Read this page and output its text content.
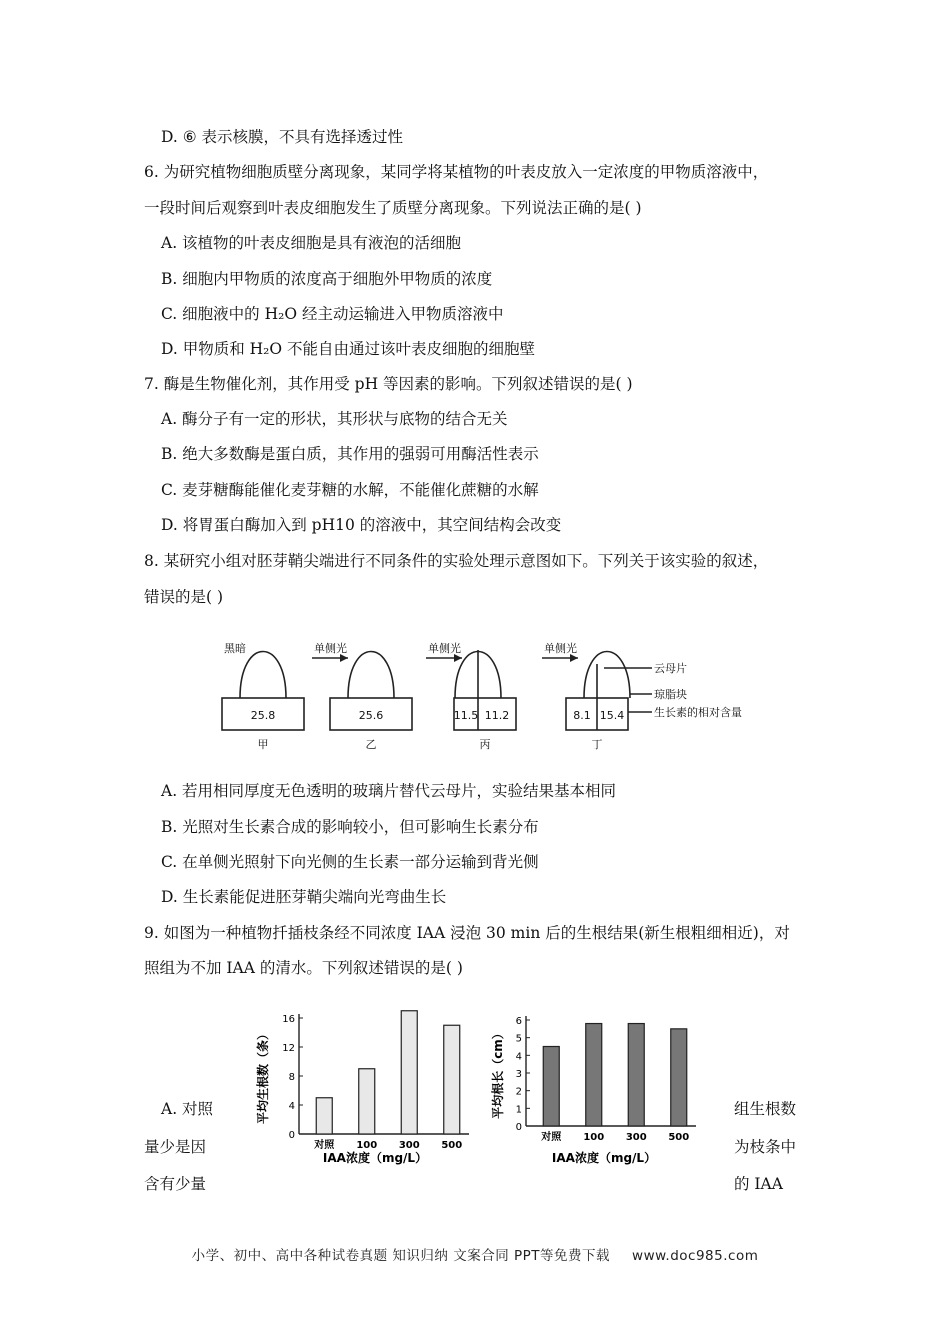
D. ⑥ 表示核膜，不具有选择透过性
6. 为研究植物细胞质壁分离现象，某同学将某植物的叶表皮放入一定浓度的甲物质溶液中，
一段时间后观察到叶表皮细胞发生了质壁分离现象。下列说法正确的是( )
A. 该植物的叶表皮细胞是具有液泡的活细胞
B. 细胞内甲物质的浓度高于细胞外甲物质的浓度
C. 细胞液中的 H₂O 经主动运输进入甲物质溶液中
D. 甲物质和 H₂O 不能自由通过该叶表皮细胞的细胞壁
7. 酶是生物催化剂，其作用受 pH 等因素的影响。下列叙述错误的是( )
A. 酶分子有一定的形状，其形状与底物的结合无关
B. 绝大多数酶是蛋白质，其作用的强弱可用酶活性表示
C. 麦芽糖酶能催化麦芽糖的水解，不能催化蔗糖的水解
D. 将胃蛋白酶加入到 pH10 的溶液中，其空间结构会改变
8. 某研究小组对胚芽鞘尖端进行不同条件的实验处理示意图如下。下列关于该实验的叙述，
错误的是( )
黑暗	单侧光	单侧光	单侧光
25.8	25.6	11.5 11.2	8.1 15.4
甲	乙	丙	丁
云母片
琼脂块
生长素的相对含量
A. 若用相同厚度无色透明的玻璃片替代云母片，实验结果基本相同
B. 光照对生长素合成的影响较小，但可影响生长素分布
C. 在单侧光照射下向光侧的生长素一部分运输到背光侧
D. 生长素能促进胚芽鞘尖端向光弯曲生长
9. 如图为一种植物扦插枝条经不同浓度 IAA 浸泡 30 min 后的生根结果(新生根粗细相近)，对
照组为不加 IAA 的清水。下列叙述错误的是( )
A. 对照
量少是因
含有少量
组生根数
为枝条中
的 IAA
平均生根数（条）
IAA浓度（mg/L）
0
4
8
12
16
对照 100 300 500
平均根长（cm）
IAA浓度（mg/L）
0
1
2
3
4
5
6
对照 100 300 500
小学、初中、高中各种试卷真题 知识归纳 文案合同 PPT等免费下载 www.doc985.com
